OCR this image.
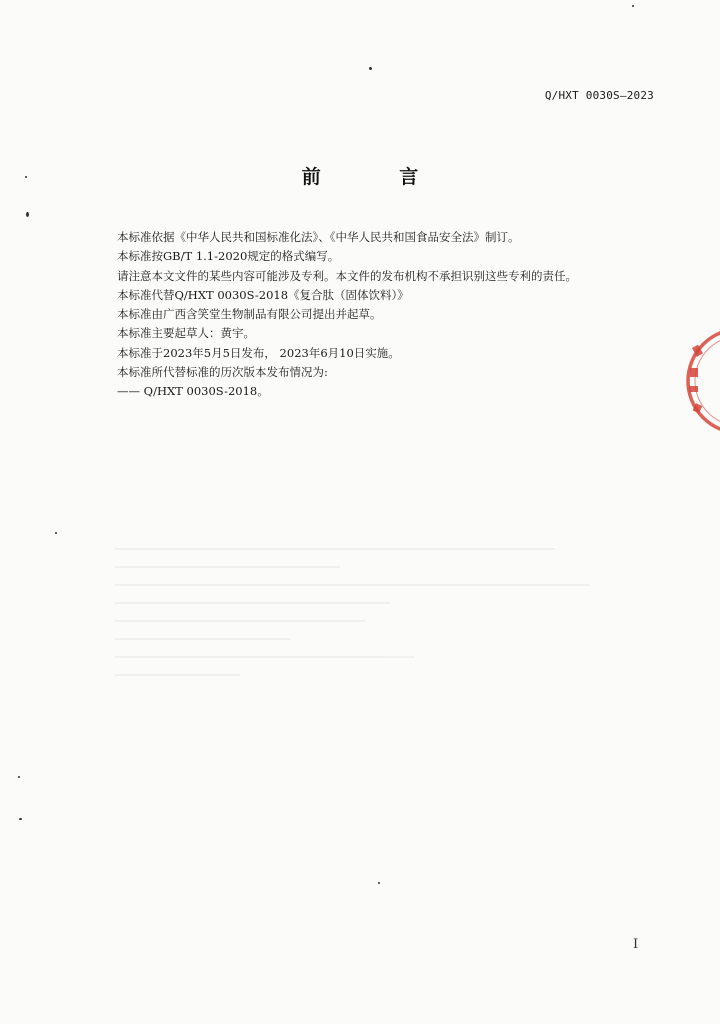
Q/HXT 0030S—2023
前 言

本标准依据《中华人民共和国标准化法》、《中华人民共和国食品安全法》制订。

本标准按GB/T 1.1-2020规定的格式编写。

请注意本文文件的某些内容可能涉及专利。本文件的发布机构不承担识别这些专利的责任。

本标准代替Q/HXT 0030S-2018《复合肽（固体饮料）》

本标准由广西含笑堂生物制品有限公司提出并起草。

本标准主要起草人：黄宇。

本标准于2023年5月5日发布， 2023年6月10日实施。

本标准所代替标准的历次版本发布情况为:

—— Q/HXT 0030S-2018。

I
